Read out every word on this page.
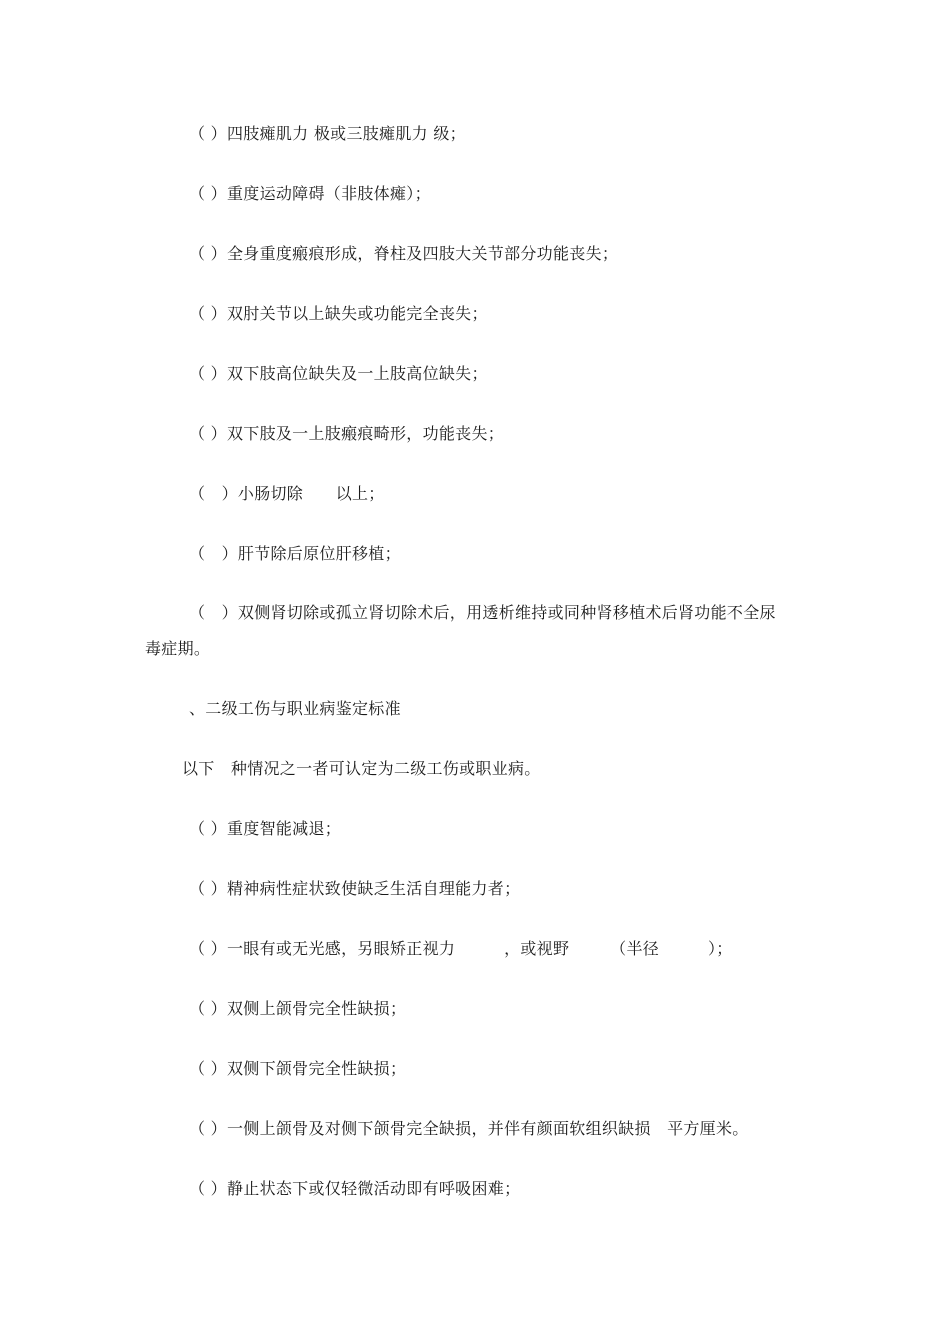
（ ）四肢瘫肌力 极或三肢瘫肌力 级；
（ ）重度运动障碍（非肢体瘫）；
（ ）全身重度瘢痕形成，脊柱及四肢大关节部分功能丧失；
（ ）双肘关节以上缺失或功能完全丧失；
（ ）双下肢高位缺失及一上肢高位缺失；
（ ）双下肢及一上肢瘢痕畸形，功能丧失；
（　）小肠切除　　以上；
（　）肝节除后原位肝移植；
（　）双侧肾切除或孤立肾切除术后，用透析维持或同种肾移植术后肾功能不全尿
毒症期。
、二级工伤与职业病鉴定标准
以下　种情况之一者可认定为二级工伤或职业病。
（ ）重度智能减退；
（ ）精神病性症状致使缺乏生活自理能力者；
（ ）一眼有或无光感，另眼矫正视力　　　，或视野　　　（半径　　　）；
（ ）双侧上颌骨完全性缺损；
（ ）双侧下颌骨完全性缺损；
（ ）一侧上颌骨及对侧下颌骨完全缺损，并伴有颜面软组织缺损　平方厘米。
（ ）静止状态下或仅轻微活动即有呼吸困难；
